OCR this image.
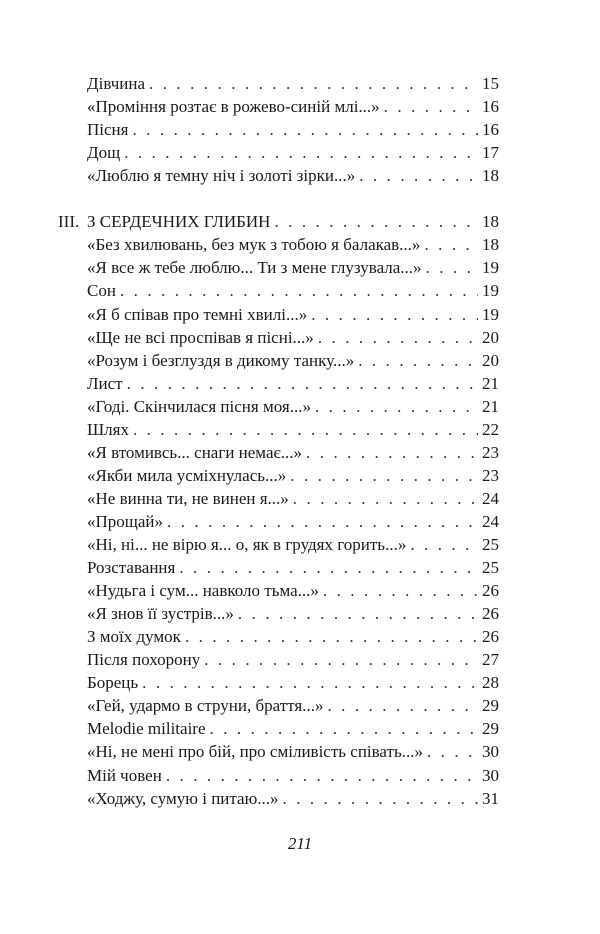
Дівчина . . .	15
«Проміння розтає в рожево-синій млі...» . . .	16
Пісня . . .	16
Дощ . . .	17
«Люблю я темну ніч і золоті зірки...» . . .	18
III. З СЕРДЕЧНИХ ГЛИБИН . . .	18
«Без хвилювань, без мук з тобою я балакав...» . . .	18
«Я все ж тебе люблю... Ти з мене глузувала...» . . .	19
Сон . . .	19
«Я б співав про темні хвилі...» . . .	19
«Ще не всі проспівав я пісні...» . . .	20
«Розум і безглуздя в дикому танку...» . . .	20
Лист . . .	21
«Годі. Скінчилася пісня моя...» . . .	21
Шлях . . .	22
«Я втомивсь... снаги немає...» . . .	23
«Якби мила усміхнулась...» . . .	23
«Не винна ти, не винен я...» . . .	24
«Прощай» . . .	24
«Ні, ні... не вірю я... о, як в грудях горить...» . . .	25
Розставання . . .	25
«Нудьга і сум... навколо тьма...» . . .	26
«Я знов її зустрів...» . . .	26
З моїх думок . . .	26
Після похорону . . .	27
Борець . . .	28
«Гей, удармо в струни, браття...» . . .	29
Melodie militaire . . .	29
«Ні, не мені про бій, про сміливість співать...» . . .	30
Мій човен . . .	30
«Ходжу, сумую і питаю...» . . .	31
211
